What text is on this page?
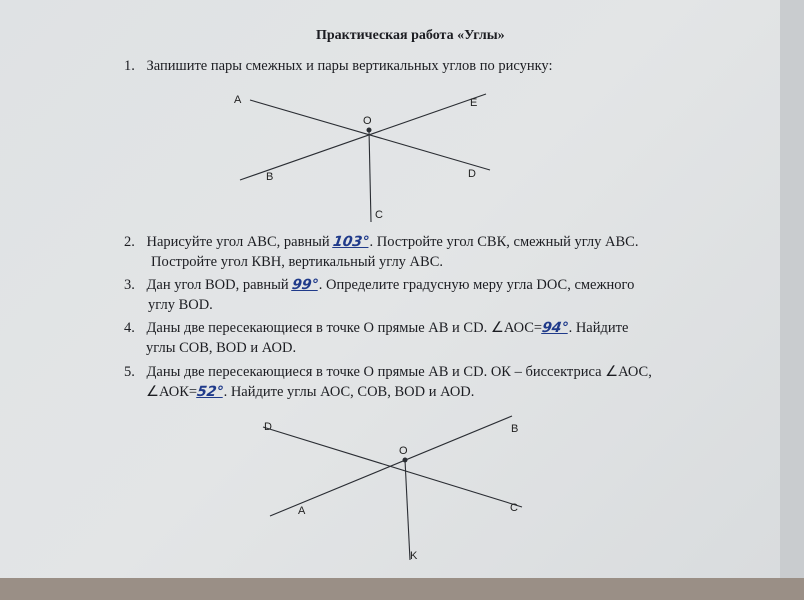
Практическая работа «Углы»
1. Запишите пары смежных и пары вертикальных углов по рисунку:
A	E
O
B	D
C
D	B
O
A	C
K
2. Нарисуйте угол АВС, равный 103°. Постройте угол СВК, смежный углу АВС.
Постройте угол КВН, вертикальный углу АВС.
3. Дан угол ВОD, равный 99°. Определите градусную меру угла DОС, смежного
углу ВОD.
4. Даны две пересекающиеся в точке О прямые АВ и CD. ∠АОС=94°. Найдите
углы СОВ, ВОD и АОD.
5. Даны две пересекающиеся в точке О прямые АВ и CD. ОК – биссектриса ∠АОС,
∠АОК=52°. Найдите углы АОС, СОВ, ВОD и АОD.
